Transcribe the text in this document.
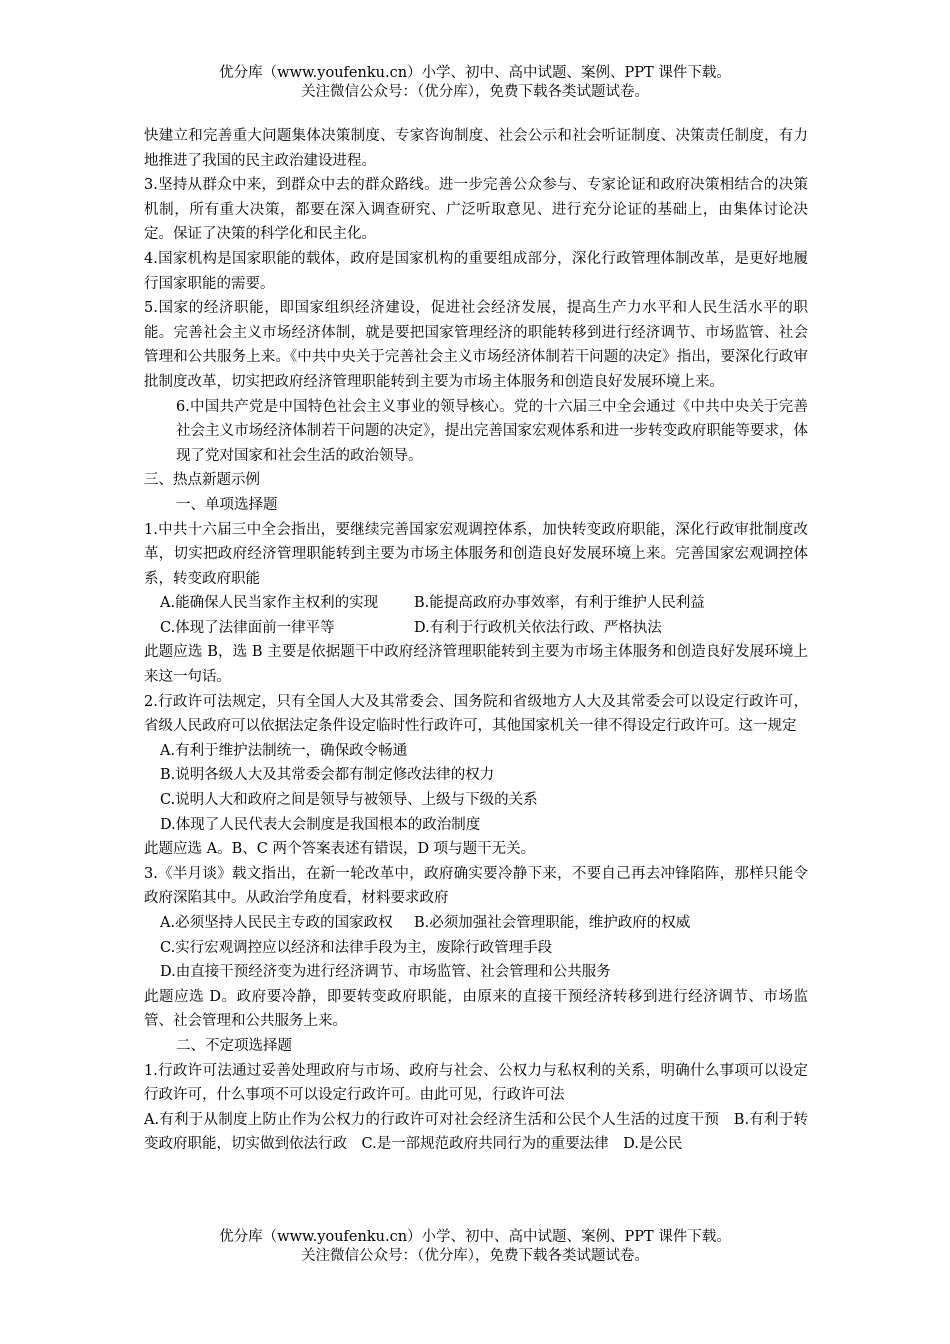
优分库（www.youfenku.cn）小学、初中、高中试题、案例、PPT 课件下载。
关注微信公众号：（优分库），免费下载各类试题试卷。

快建立和完善重大问题集体决策制度、专家咨询制度、社会公示和社会听证制度、决策责任制度，有力地推进了我国的民主政治建设进程。

3.坚持从群众中来，到群众中去的群众路线。进一步完善公众参与、专家论证和政府决策相结合的决策机制，所有重大决策，都要在深入调查研究、广泛听取意见、进行充分论证的基础上，由集体讨论决定。保证了决策的科学化和民主化。

4.国家机构是国家职能的载体，政府是国家机构的重要组成部分，深化行政管理体制改革，是更好地履行国家职能的需要。

5.国家的经济职能，即国家组织经济建设，促进社会经济发展，提高生产力水平和人民生活水平的职能。完善社会主义市场经济体制，就是要把国家管理经济的职能转移到进行经济调节、市场监管、社会管理和公共服务上来。《中共中央关于完善社会主义市场经济体制若干问题的决定》指出，要深化行政审批制度改革，切实把政府经济管理职能转到主要为市场主体服务和创造良好发展环境上来。

6.中国共产党是中国特色社会主义事业的领导核心。党的十六届三中全会通过《中共中央关于完善社会主义市场经济体制若干问题的决定》，提出完善国家宏观体系和进一步转变政府职能等要求，体现了党对国家和社会生活的政治领导。

三、热点新题示例

一、单项选择题

1.中共十六届三中全会指出，要继续完善国家宏观调控体系，加快转变政府职能，深化行政审批制度改革，切实把政府经济管理职能转到主要为市场主体服务和创造良好发展环境上来。完善国家宏观调控体系，转变政府职能

A.能确保人民当家作主权利的实现	B.能提高政府办事效率，有利于维护人民利益
C.体现了法律面前一律平等	D.有利于行政机关依法行政、严格执法

此题应选 B，选 B 主要是依据题干中政府经济管理职能转到主要为市场主体服务和创造良好发展环境上来这一句话。

2.行政许可法规定，只有全国人大及其常委会、国务院和省级地方人大及其常委会可以设定行政许可，省级人民政府可以依据法定条件设定临时性行政许可，其他国家机关一律不得设定行政许可。这一规定

A.有利于维护法制统一，确保政令畅通

B.说明各级人大及其常委会都有制定修改法律的权力

C.说明人大和政府之间是领导与被领导、上级与下级的关系

D.体现了人民代表大会制度是我国根本的政治制度

此题应选 A。B、C 两个答案表述有错误，D 项与题干无关。

3.《半月谈》载文指出，在新一轮改革中，政府确实要冷静下来，不要自己再去冲锋陷阵，那样只能令政府深陷其中。从政治学角度看，材料要求政府

A.必须坚持人民民主专政的国家政权	B.必须加强社会管理职能，维护政府的权威

C.实行宏观调控应以经济和法律手段为主，废除行政管理手段

D.由直接干预经济变为进行经济调节、市场监管、社会管理和公共服务

此题应选 D。政府要冷静，即要转变政府职能，由原来的直接干预经济转移到进行经济调节、市场监管、社会管理和公共服务上来。

二、不定项选择题

1.行政许可法通过妥善处理政府与市场、政府与社会、公权力与私权利的关系，明确什么事项可以设定行政许可，什么事项不可以设定行政许可。由此可见，行政许可法

A.有利于从制度上防止作为公权力的行政许可对社会经济生活和公民个人生活的过度干预　B.有利于转变政府职能，切实做到依法行政　C.是一部规范政府共同行为的重要法律　D.是公民

优分库（www.youfenku.cn）小学、初中、高中试题、案例、PPT 课件下载。
关注微信公众号：（优分库），免费下载各类试题试卷。
